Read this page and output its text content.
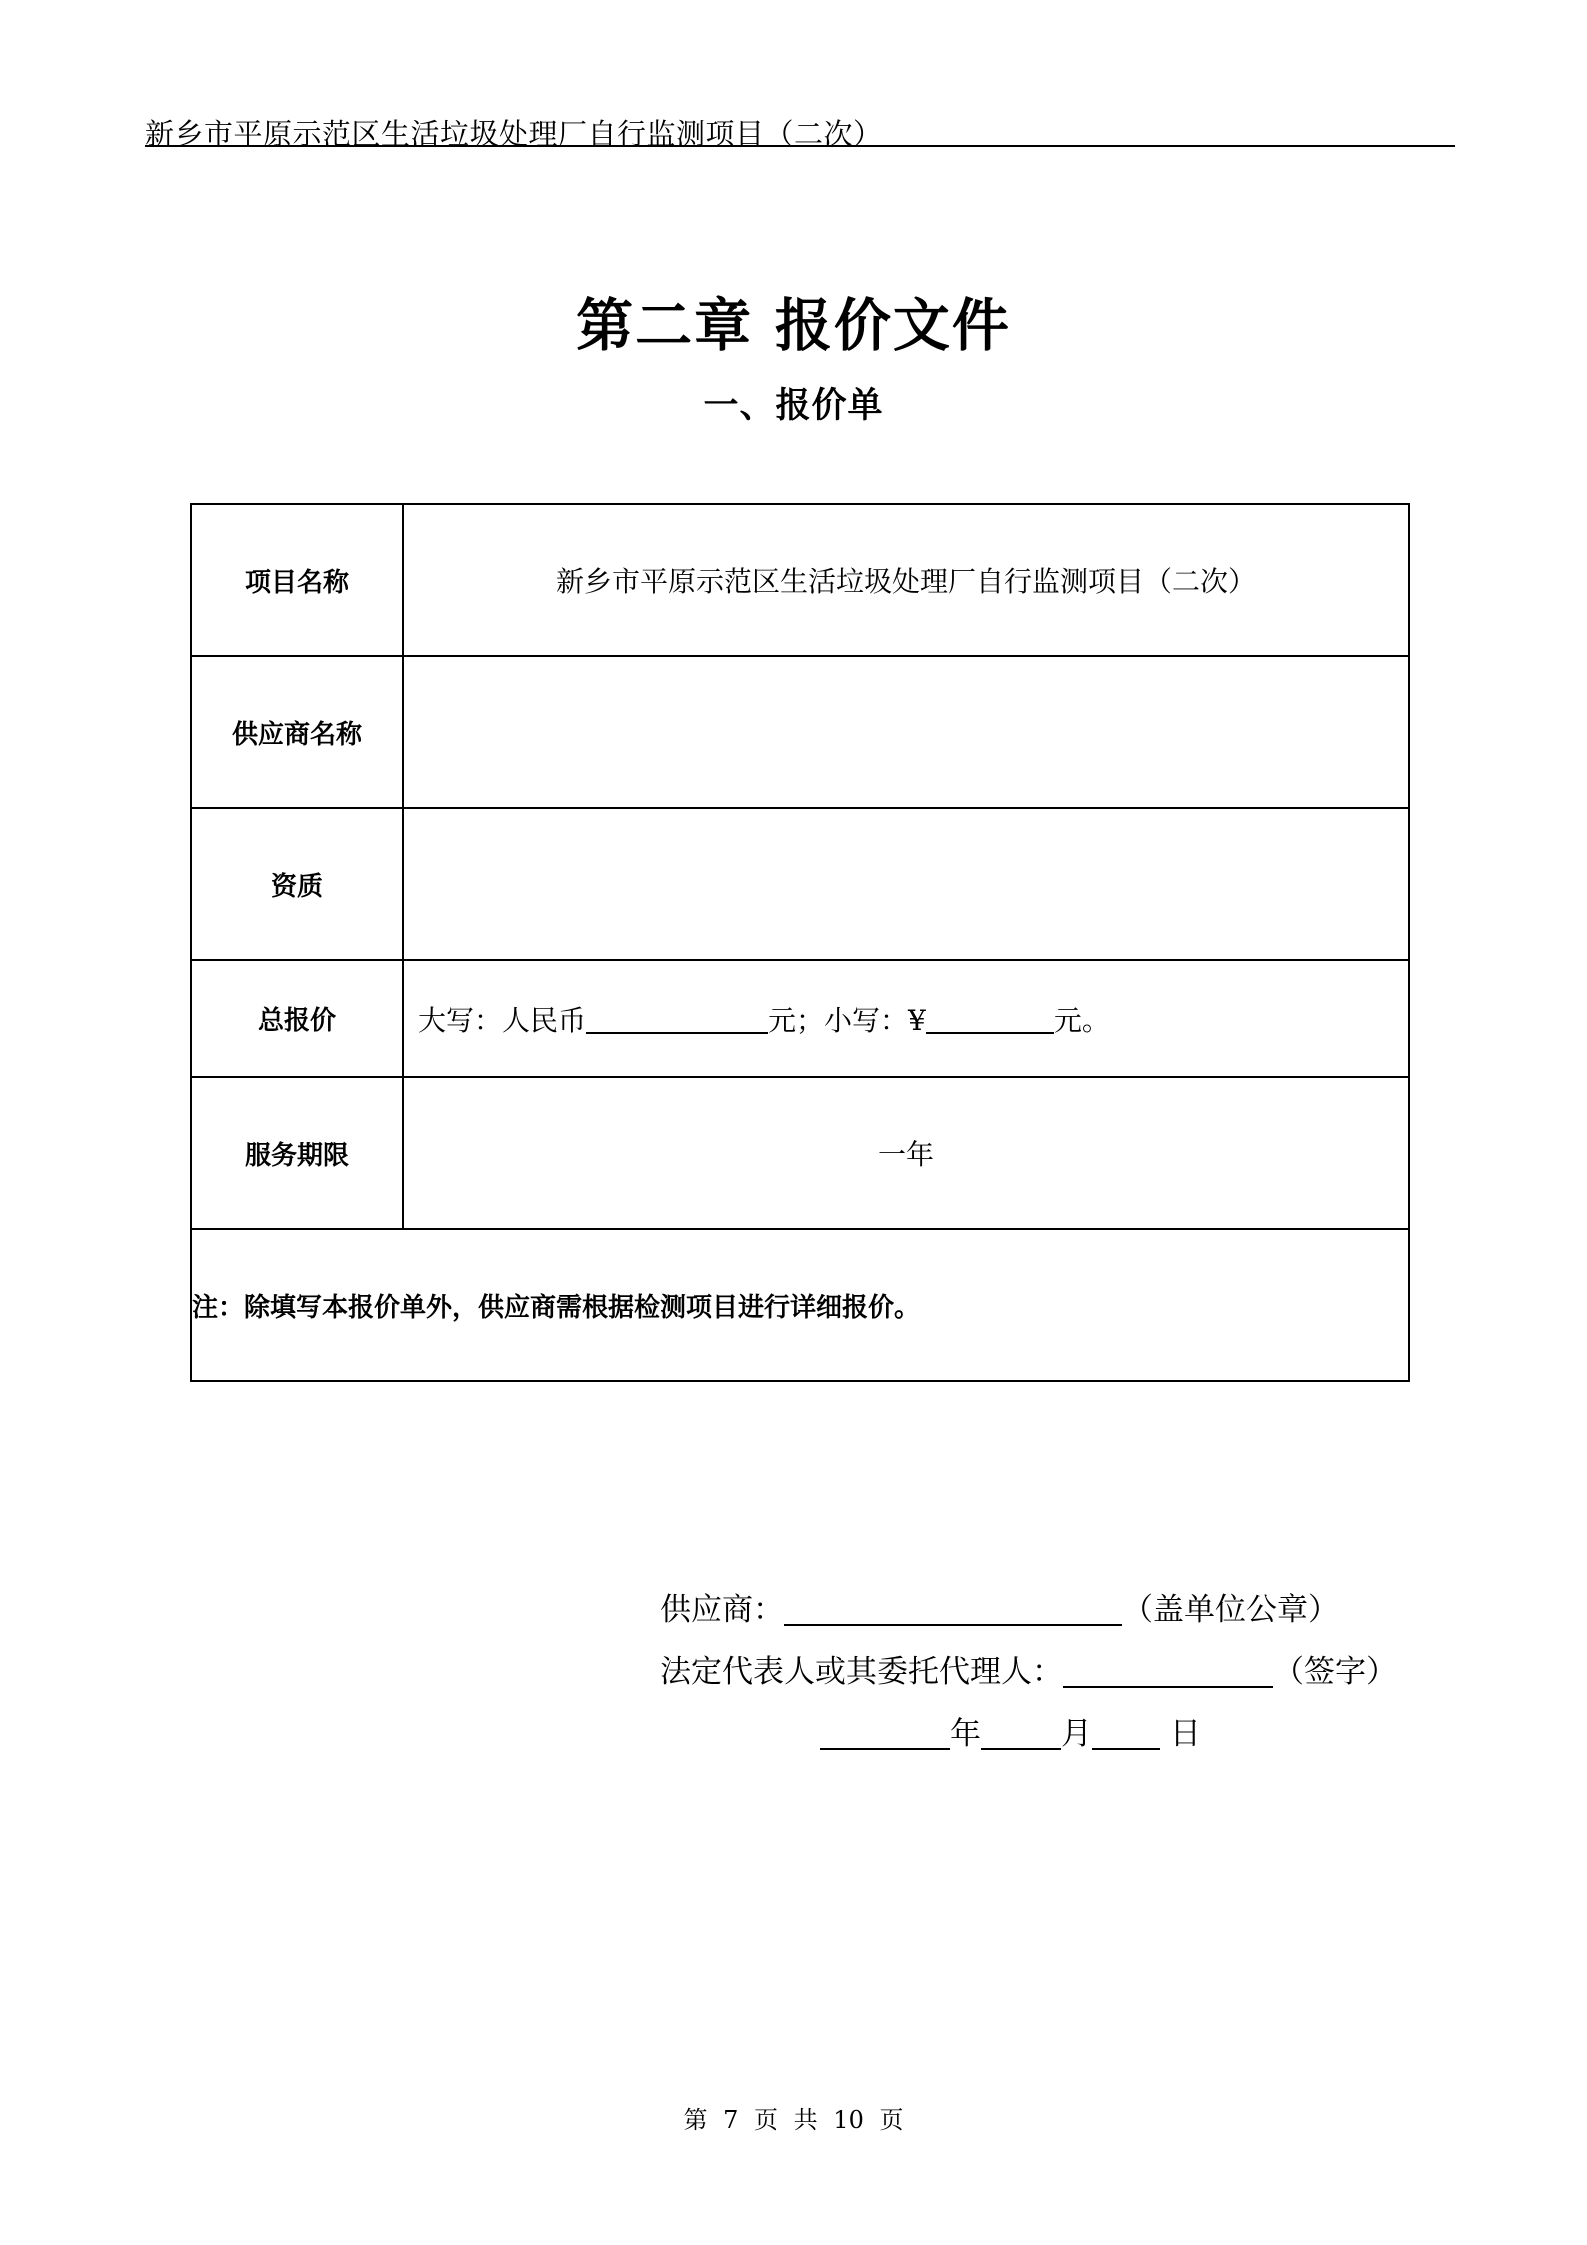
新乡市平原示范区生活垃圾处理厂自行监测项目（二次）
第二章 报价文件
一、报价单
项目名称	新乡市平原示范区生活垃圾处理厂自行监测项目（二次）
供应商名称	
资质	
总报价	大写：人民币 元；小写：¥ 元。

服务期限	一年
注：除填写本报价单外，供应商需根据检测项目进行详细报价。	
供应商：	（盖单位公章）
法定代表人或其委托代理人：	（签字）
年	月	日
第 7 页 共 10 页
